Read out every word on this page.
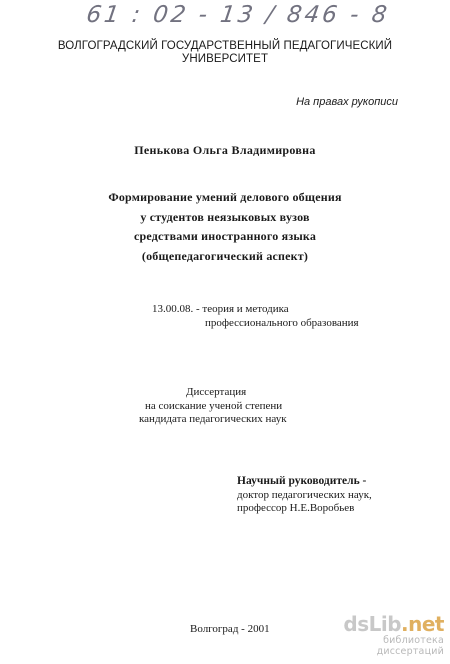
61 : 02 - 13 / 846 - 8
ВОЛГОГРАДСКИЙ ГОСУДАРСТВЕННЫЙ ПЕДАГОГИЧЕСКИЙ
УНИВЕРСИТЕТ
На правах рукописи
Пенькова Ольга Владимировна
Формирование умений делового общения
у студентов неязыковых вузов
средствами иностранного языка
(общепедагогический аспект)
13.00.08. - теория и методика
профессионального образования
Диссертация
на соискание ученой степени
кандидата педагогических наук
Научный руководитель -
доктор педагогических наук,
профессор Н.Е.Воробьев
Волгоград - 2001	dsLib.net
библиотека диссертаций
